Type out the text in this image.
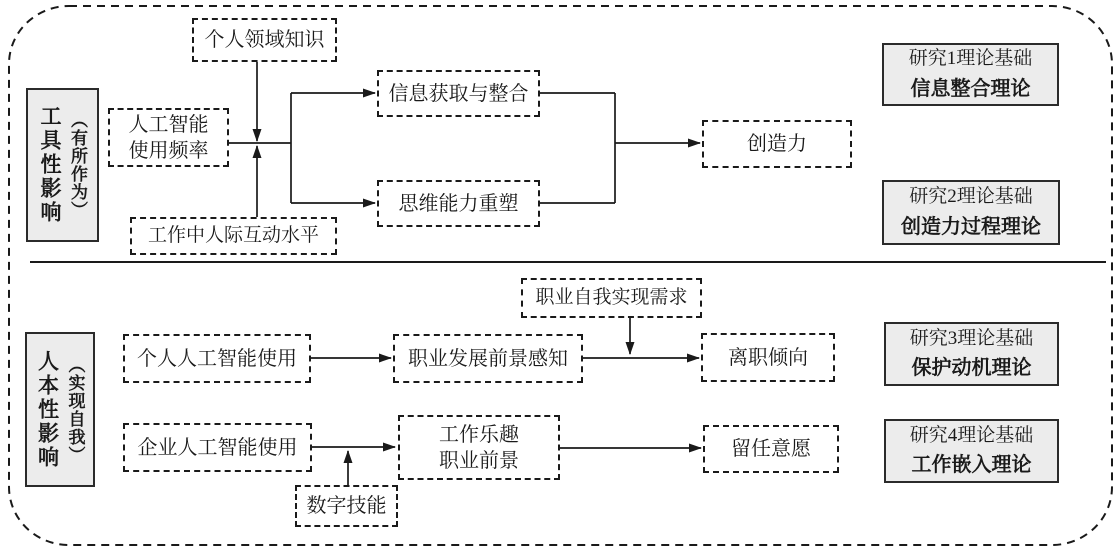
工具性影响 （有所作为）
个人领域知识
人工智能
使用频率
工作中人际互动水平
信息获取与整合
思维能力重塑
创造力
研究1理论基础
信息整合理论
研究2理论基础
创造力过程理论
人本性影响 （实现自我）	个人人工智能使用	职业发展前景感知
职业自我实现需求
离职倾向
研究3理论基础
保护动机理论
企业人工智能使用
工作乐趣
职业前景
数字技能
留任意愿
研究4理论基础
工作嵌入理论
